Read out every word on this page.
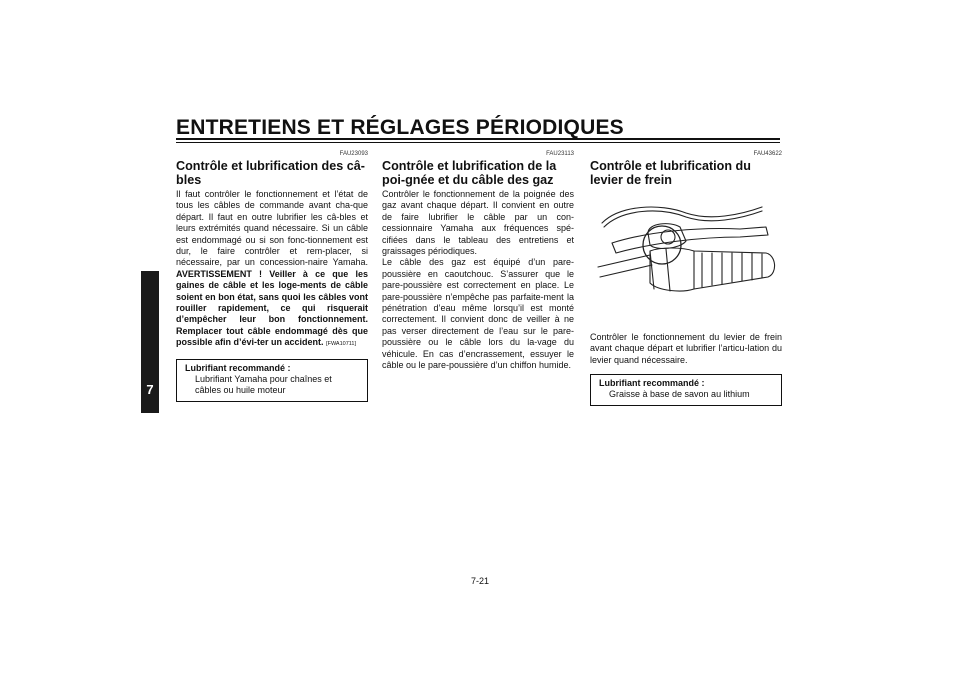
ENTRETIENS ET RÉGLAGES PÉRIODIQUES
7
FAU23093
Contrôle et lubrification des câ-bles

Il faut contrôler le fonctionnement et l’état de tous les câbles de commande avant cha-que départ. Il faut en outre lubrifier les câ-bles et leurs extrémités quand nécessaire. Si un câble est endommagé ou si son fonc-tionnement est dur, le faire contrôler et rem-placer, si nécessaire, par un concession-naire Yamaha. AVERTISSEMENT ! Veiller à ce que les gaines de câble et les loge-ments de câble soient en bon état, sans quoi les câbles vont rouiller rapidement, ce qui risquerait d’empêcher leur bon fonctionnement. Remplacer tout câble endommagé dès que possible afin d’évi-ter un accident. [FWA10711]

Lubrifiant recommandé :
Lubrifiant Yamaha pour chaînes et câbles ou huile moteur
FAU23113
Contrôle et lubrification de la poi-gnée et du câble des gaz

Contrôler le fonctionnement de la poignée des gaz avant chaque départ. Il convient en outre de faire lubrifier le câble par un con-cessionnaire Yamaha aux fréquences spé-cifiées dans le tableau des entretiens et graissages périodiques.

Le câble des gaz est équipé d’un pare-poussière en caoutchouc. S’assurer que le pare-poussière est correctement en place. Le pare-poussière n’empêche pas parfaite-ment la pénétration d’eau même lorsqu’il est monté correctement. Il convient donc de veiller à ne pas verser directement de l’eau sur le pare-poussière ou le câble lors du la-vage du véhicule. En cas d’encrassement, essuyer le câble ou le pare-poussière d’un chiffon humide.

FAU43622
Contrôle et lubrification du levier de frein

Contrôler le fonctionnement du levier de frein avant chaque départ et lubrifier l’articu-lation du levier quand nécessaire.

Lubrifiant recommandé :
Graisse à base de savon au lithium
7-21
